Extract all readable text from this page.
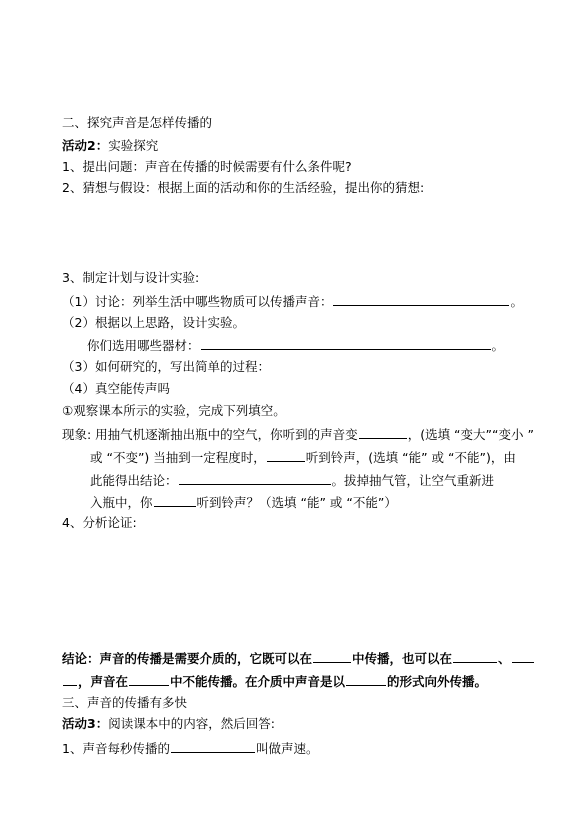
二、探究声音是怎样传播的
活动2：实验探究
1、提出问题：声音在传播的时候需要有什么条件呢?
2、猜想与假设：根据上面的活动和你的生活经验，提出你的猜想:
3、制定计划与设计实验:
（1）讨论：列举生活中哪些物质可以传播声音：	。
（2）根据以上思路，设计实验。
你们选用哪些器材：	。
（3）如何研究的，写出简单的过程：
（4）真空能传声吗
①观察课本所示的实验，完成下列填空。
现象: 用抽气机逐渐抽出瓶中的空气，你听到的声音变	，(选填 “变大”“变小 ”
或 “不变”) 当抽到一定程度时，	听到铃声，(选填 “能” 或 “不能”)，由
此能得出结论：	。拔掉抽气管，让空气重新进
入瓶中，你	听到铃声？（选填 “能” 或 “不能”）
4、分析论证:
结论：声音的传播是需要介质的，它既可以在	中传播，也可以在	、
，声音在	中不能传播。在介质中声音是以	的形式向外传播。
三、声音的传播有多快
活动3：阅读课本中的内容，然后回答:
1、声音每秒传播的	叫做声速。
